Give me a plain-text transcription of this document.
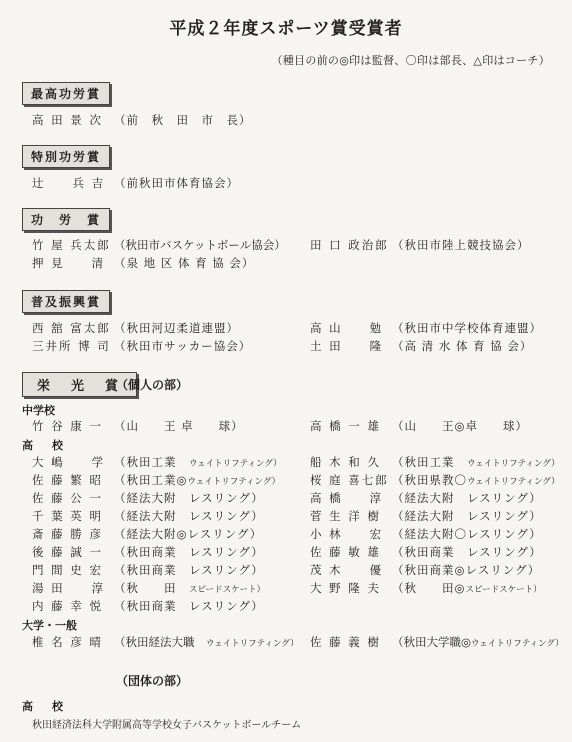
平成２年度スポーツ賞受賞者
（種目の前の◎印は監督、〇印は部長、△印はコーチ）
最高功労賞
高 田 景 次 （前　秋　田　市　長）
特別功労賞
辻　　兵 吉 （前秋田市体育協会）
功　労　賞
竹 屋 兵太郎 （秋田市バスケットボール協会）
押 見　　清 （泉 地 区 体 育 協 会）
田 口 政治郎 （秋田市陸上競技協会）
普及振興賞
西 舘 富太郎 （秋田河辺柔道連盟）
三井所 博 司 （秋田市サッカー協会）
高 山　　勉 （秋田市中学校体育連盟）
土 田　　隆 （高 清 水 体 育 協 会）
栄　光　賞
（個人の部）
中学校
竹 谷 康 一 （山　　王 卓　　球）	高 橋 一 雄 （山　　王◎卓　　球）
高　校
大 嶋　　学 （秋田工業　 ウェイトリフティング）
佐 藤 繁 昭 （秋田工業◎ ウェイトリフティング）
佐 藤 公 一 （経法大附　レスリング）
千 葉 英 明 （経法大附　レスリング）
斎 藤 勝 彦 （経法大附◎レスリング）
後 藤 誠 一 （秋田商業　レスリング）
門 間 史 宏 （秋田商業　レスリング）
湯 田　　淳 （秋　　田　 スピードスケート）
内 藤 幸 悦 （秋田商業　レスリング）
船 木 和 久 （秋田工業　 ウェイトリフティング）
桜 庭 喜七郎 （秋田県教〇 ウェイトリフティング）
高 橋　　淳 （経法大附　レスリング）
菅 生 洋 樹 （経法大附　レスリング）
小 林　　宏 （経法大附〇レスリング）
佐 藤 敏 雄 （秋田商業　レスリング）
茂 木　　優 （秋田商業◎レスリング）
大 野 隆 夫 （秋　　田◎ スピードスケート）
大学・一般
椎 名 彦 晴 （秋田経法大職　 ウェイトリフティング） 佐 藤 義 樹 （秋田大学職◎ ウェイトリフティング）
（団体の部）
高　校
秋田経済法科大学附属高等学校女子バスケットボールチーム
